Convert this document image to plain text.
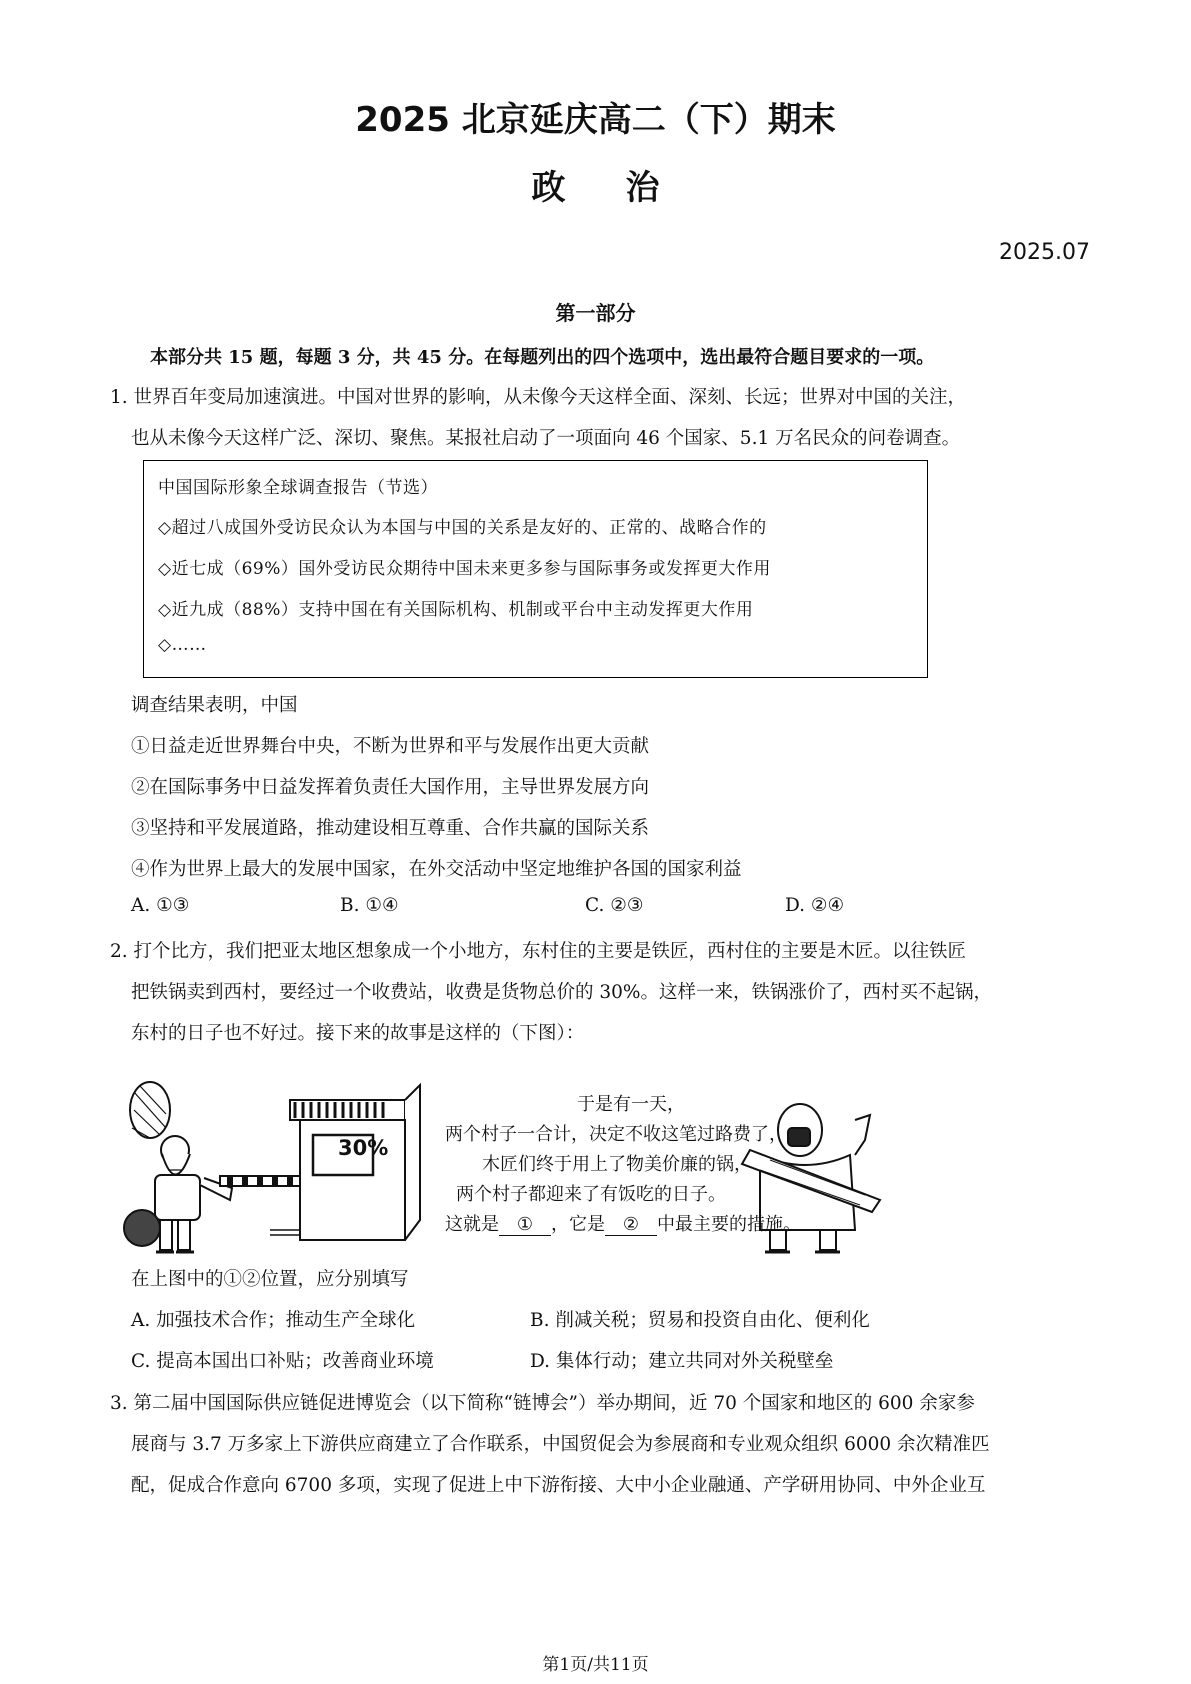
2025 北京延庆高二（下）期末
政治
2025.07
第一部分
本部分共 15 题，每题 3 分，共 45 分。在每题列出的四个选项中，选出最符合题目要求的一项。
1. 世界百年变局加速演进。中国对世界的影响，从未像今天这样全面、深刻、长远；世界对中国的关注，
也从未像今天这样广泛、深切、聚焦。某报社启动了一项面向 46 个国家、5.1 万名民众的问卷调查。
中国国际形象全球调查报告（节选）
◇超过八成国外受访民众认为本国与中国的关系是友好的、正常的、战略合作的
◇近七成（69%）国外受访民众期待中国未来更多参与国际事务或发挥更大作用
◇近九成（88%）支持中国在有关国际机构、机制或平台中主动发挥更大作用
◇……
调查结果表明，中国
①日益走近世界舞台中央，不断为世界和平与发展作出更大贡献
②在国际事务中日益发挥着负责任大国作用，主导世界发展方向
③坚持和平发展道路，推动建设相互尊重、合作共赢的国际关系
④作为世界上最大的发展中国家，在外交活动中坚定地维护各国的国家利益
A. ①③	B. ①④	C. ②③	D. ②④
2. 打个比方，我们把亚太地区想象成一个小地方，东村住的主要是铁匠，西村住的主要是木匠。以往铁匠
把铁锅卖到西村，要经过一个收费站，收费是货物总价的 30%。这样一来，铁锅涨价了，西村买不起锅，
东村的日子也不好过。接下来的故事是这样的（下图）：
30%
于是有一天，
两个村子一合计，决定不收这笔过路费了，
木匠们终于用上了物美价廉的锅，
两个村子都迎来了有饭吃的日子。
这就是 ① ，它是 ② 中最主要的措施。
在上图中的①②位置，应分别填写
A. 加强技术合作；推动生产全球化	B. 削减关税；贸易和投资自由化、便利化
C. 提高本国出口补贴；改善商业环境	D. 集体行动；建立共同对外关税壁垒
3. 第二届中国国际供应链促进博览会（以下简称“链博会”）举办期间，近 70 个国家和地区的 600 余家参
展商与 3.7 万多家上下游供应商建立了合作联系，中国贸促会为参展商和专业观众组织 6000 余次精准匹
配，促成合作意向 6700 多项，实现了促进上中下游衔接、大中小企业融通、产学研用协同、中外企业互
第1页/共11页
